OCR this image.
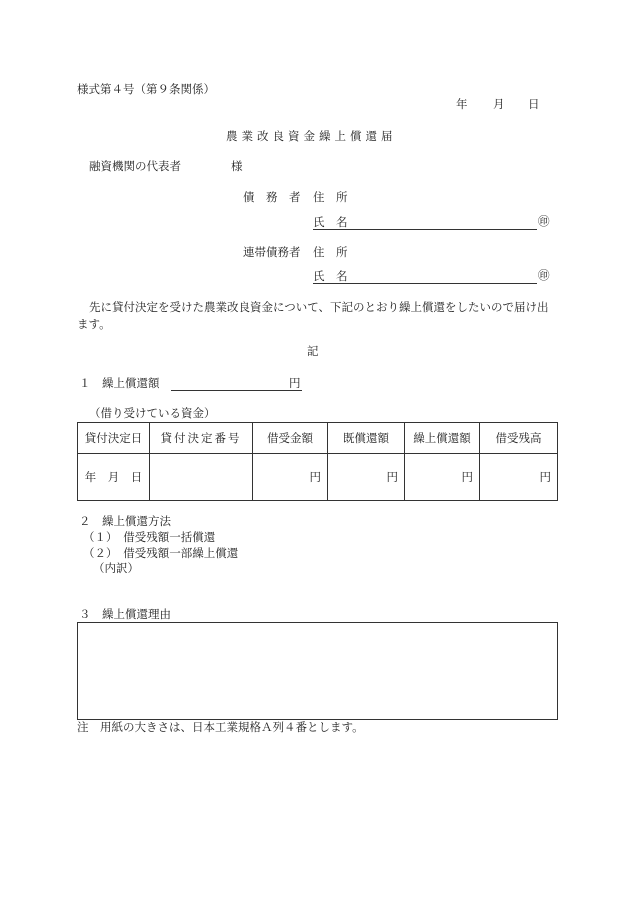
様式第４号（第９条関係）
年 月 日
農業改良資金繰上償還届
融資機関の代表者	様
債　務　者 住　所
氏　名	㊞
連帯債務者 住　所
氏　名	㊞
先に貸付決定を受けた農業改良資金について、下記のとおり繰上償還をしたいので届け出ます。
記
１　繰上償還額	円
（借り受けている資金）
貸付決定日	貸付決定番号	借受金額	既償還額	繰上償還額	借受残高
年　月　日		円	円	円	円
２　繰上償還方法
（１）　借受残額一括償還
（２）　借受残額一部繰上償還
（内訳）
３　繰上償還理由
注　用紙の大きさは、日本工業規格Ａ列４番とします。
